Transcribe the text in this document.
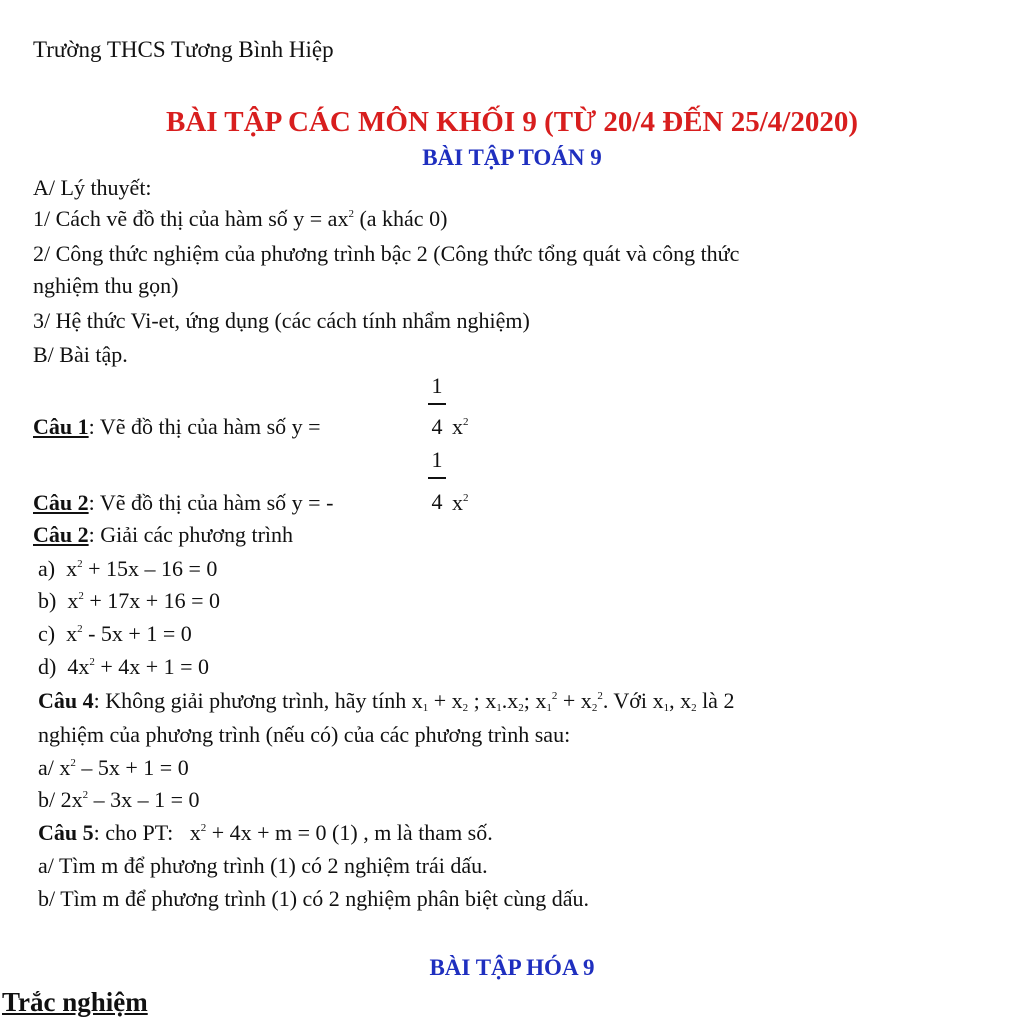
Trường THCS Tương Bình Hiệp
BÀI TẬP CÁC MÔN KHỐI 9 (TỪ 20/4 ĐẾN 25/4/2020)
BÀI TẬP TOÁN 9
A/ Lý thuyết:
1/ Cách vẽ đồ thị của hàm số $y = ax^2$ (a khác 0)
2/ Công thức nghiệm của phương trình bậc 2 (Công thức tổng quát và công thức
nghiệm thu gọn)
3/ Hệ thức Vi-et, ứng dụng (các cách tính nhẩm nghiệm)
B/ Bài tập.
Câu 1: Vẽ đồ thị của hàm số y =
1
4 $x^2$
Câu 2: Vẽ đồ thị của hàm số y = -
1
4 $x^2$
Câu 2: Giải các phương trình
a)  $x^2 + 15x - 16 = 0$
b)  $x^2 + 17x + 16 = 0$
c)  $x^2 - 5x + 1 = 0$
d)  $4x^2 + 4x + 1 = 0$
Câu 4: Không giải phương trình, hãy tính $x_1 + x_2$ ; $x_1.x_2$; $x_1^2 + x_2^2$. Với $x_1$, $x_2$ là 2
nghiệm của phương trình (nếu có) của các phương trình sau:
a/ $x^2 - 5x + 1 = 0$
b/ $2x^2 - 3x - 1 = 0$
Câu 5: cho PT:   $x^2 + 4x + m = 0$ (1) , m là tham số.
a/ Tìm m để phương trình (1) có 2 nghiệm trái dấu.
b/ Tìm m để phương trình (1) có 2 nghiệm phân biệt cùng dấu.
BÀI TẬP HÓA 9
Trắc nghiệm
